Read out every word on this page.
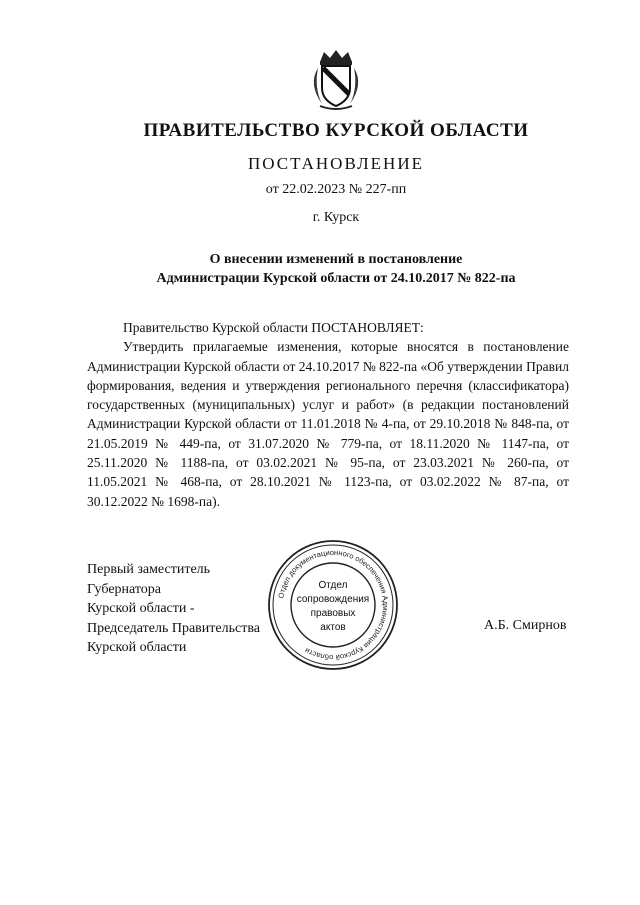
ПРАВИТЕЛЬСТВО КУРСКОЙ ОБЛАСТИ
ПОСТАНОВЛЕНИЕ
от 22.02.2023 № 227-пп
г. Курск
О внесении изменений в постановление
Администрации Курской области от 24.10.2017 № 822-па
Правительство Курской области ПОСТАНОВЛЯЕТ:

Утвердить прилагаемые изменения, которые вносятся в постановление Администрации Курской области от 24.10.2017 № 822-па «Об утверждении Правил формирования, ведения и утверждения регионального перечня (классификатора) государственных (муниципальных) услуг и работ» (в редакции постановлений Администрации Курской области от 11.01.2018 № 4-па, от 29.10.2018 № 848-па, от 21.05.2019 № 449-па, от 31.07.2020 № 779-па, от 18.11.2020 № 1147-па, от 25.11.2020 № 1188-па, от 03.02.2021 № 95-па, от 23.03.2021 № 260-па, от 11.05.2021 № 468-па, от 28.10.2021 № 1123-па, от 03.02.2022 № 87-па, от 30.12.2022 № 1698-па).

Первый заместитель Губернатора
Курской области -
Председатель Правительства
Курской области
А.Б. Смирнов
Отдел документационного обеспечения Администрации Курской области
Отдел
сопровождения
правовых
актов
